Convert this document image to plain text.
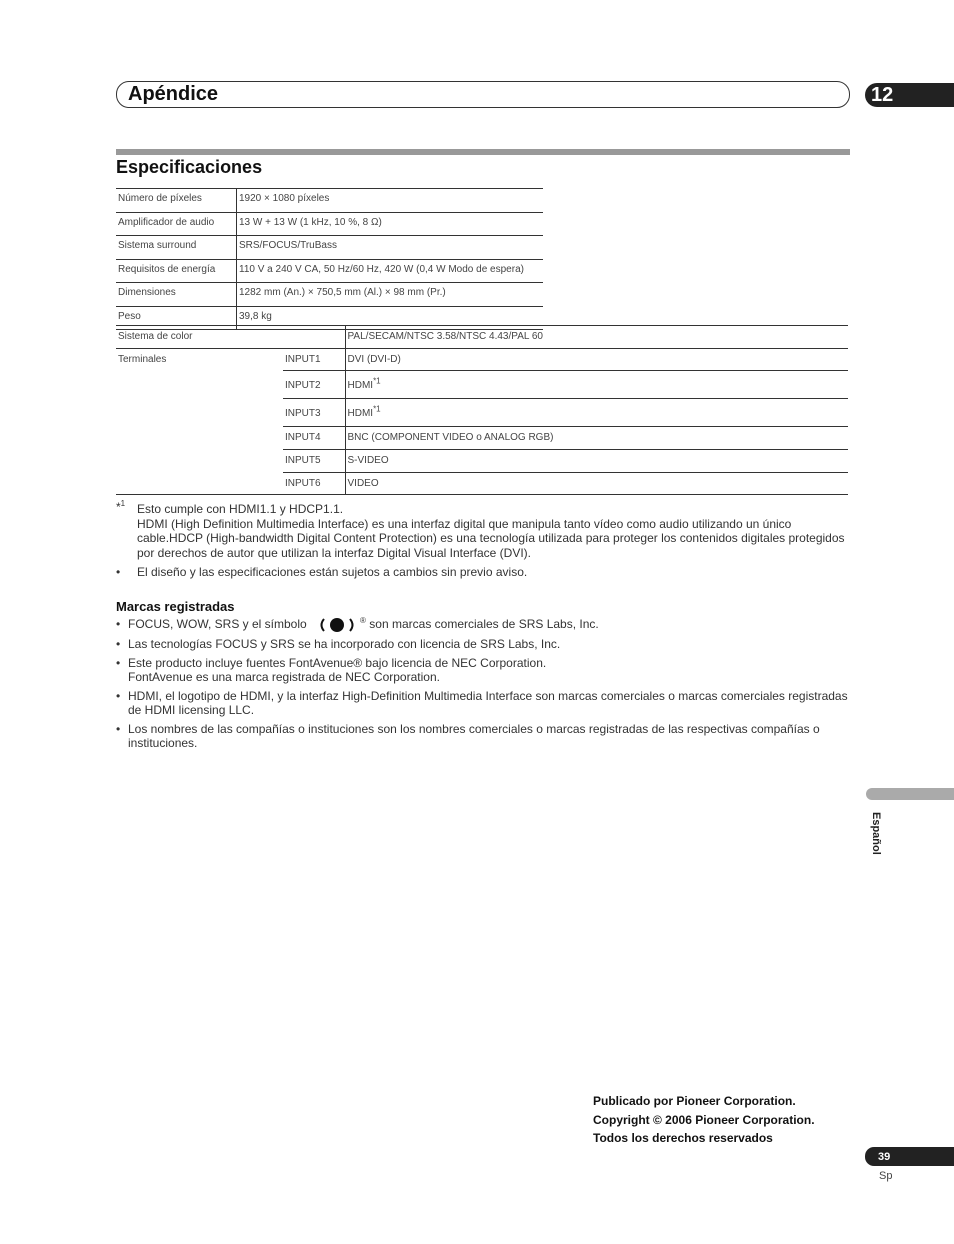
Apéndice	12
Especificaciones
Número de píxeles	1920 × 1080 píxeles
Amplificador de audio	13 W + 13 W (1 kHz, 10 %, 8 Ω)
Sistema surround	SRS/FOCUS/TruBass
Requisitos de energía	110 V a 240 V CA, 50 Hz/60 Hz, 420 W (0,4 W Modo de espera)
Dimensiones	1282 mm (An.) × 750,5 mm (Al.) × 98 mm (Pr.)
Peso	39,8 kg
Sistema de color		PAL/SECAM/NTSC 3.58/NTSC 4.43/PAL 60
Terminales	INPUT1	DVI (DVI-D)
	INPUT2	HDMI$^{*1}$
	INPUT3	HDMI$^{*1}$
	INPUT4	BNC (COMPONENT VIDEO o ANALOG RGB)
	INPUT5	S-VIDEO
	INPUT6	VIDEO
*$^1$ Esto cumple con HDMI1.1 y HDCP1.1.
HDMI (High Definition Multimedia Interface) es una interfaz digital que manipula tanto vídeo como audio utilizando un único cable.HDCP (High-bandwidth Digital Content Protection) es una tecnología utilizada para proteger los contenidos digitales protegidos por derechos de autor que utilizan la interfaz Digital Visual Interface (DVI).
• El diseño y las especificaciones están sujetos a cambios sin previo aviso.
Marcas registradas
• FOCUS, WOW, SRS y el símbolo	® son marcas comerciales de SRS Labs, Inc.
• Las tecnologías FOCUS y SRS se ha incorporado con licencia de SRS Labs, Inc.
• Este producto incluye fuentes FontAvenue® bajo licencia de NEC Corporation.
FontAvenue es una marca registrada de NEC Corporation.
• HDMI, el logotipo de HDMI, y la interfaz High-Definition Multimedia Interface son marcas comerciales o marcas comerciales registradas de HDMI licensing LLC.
• Los nombres de las compañías o instituciones son los nombres comerciales o marcas registradas de las respectivas compañías o instituciones.
Español
Publicado por Pioneer Corporation.
Copyright © 2006 Pioneer Corporation.
Todos los derechos reservados
39
Sp
